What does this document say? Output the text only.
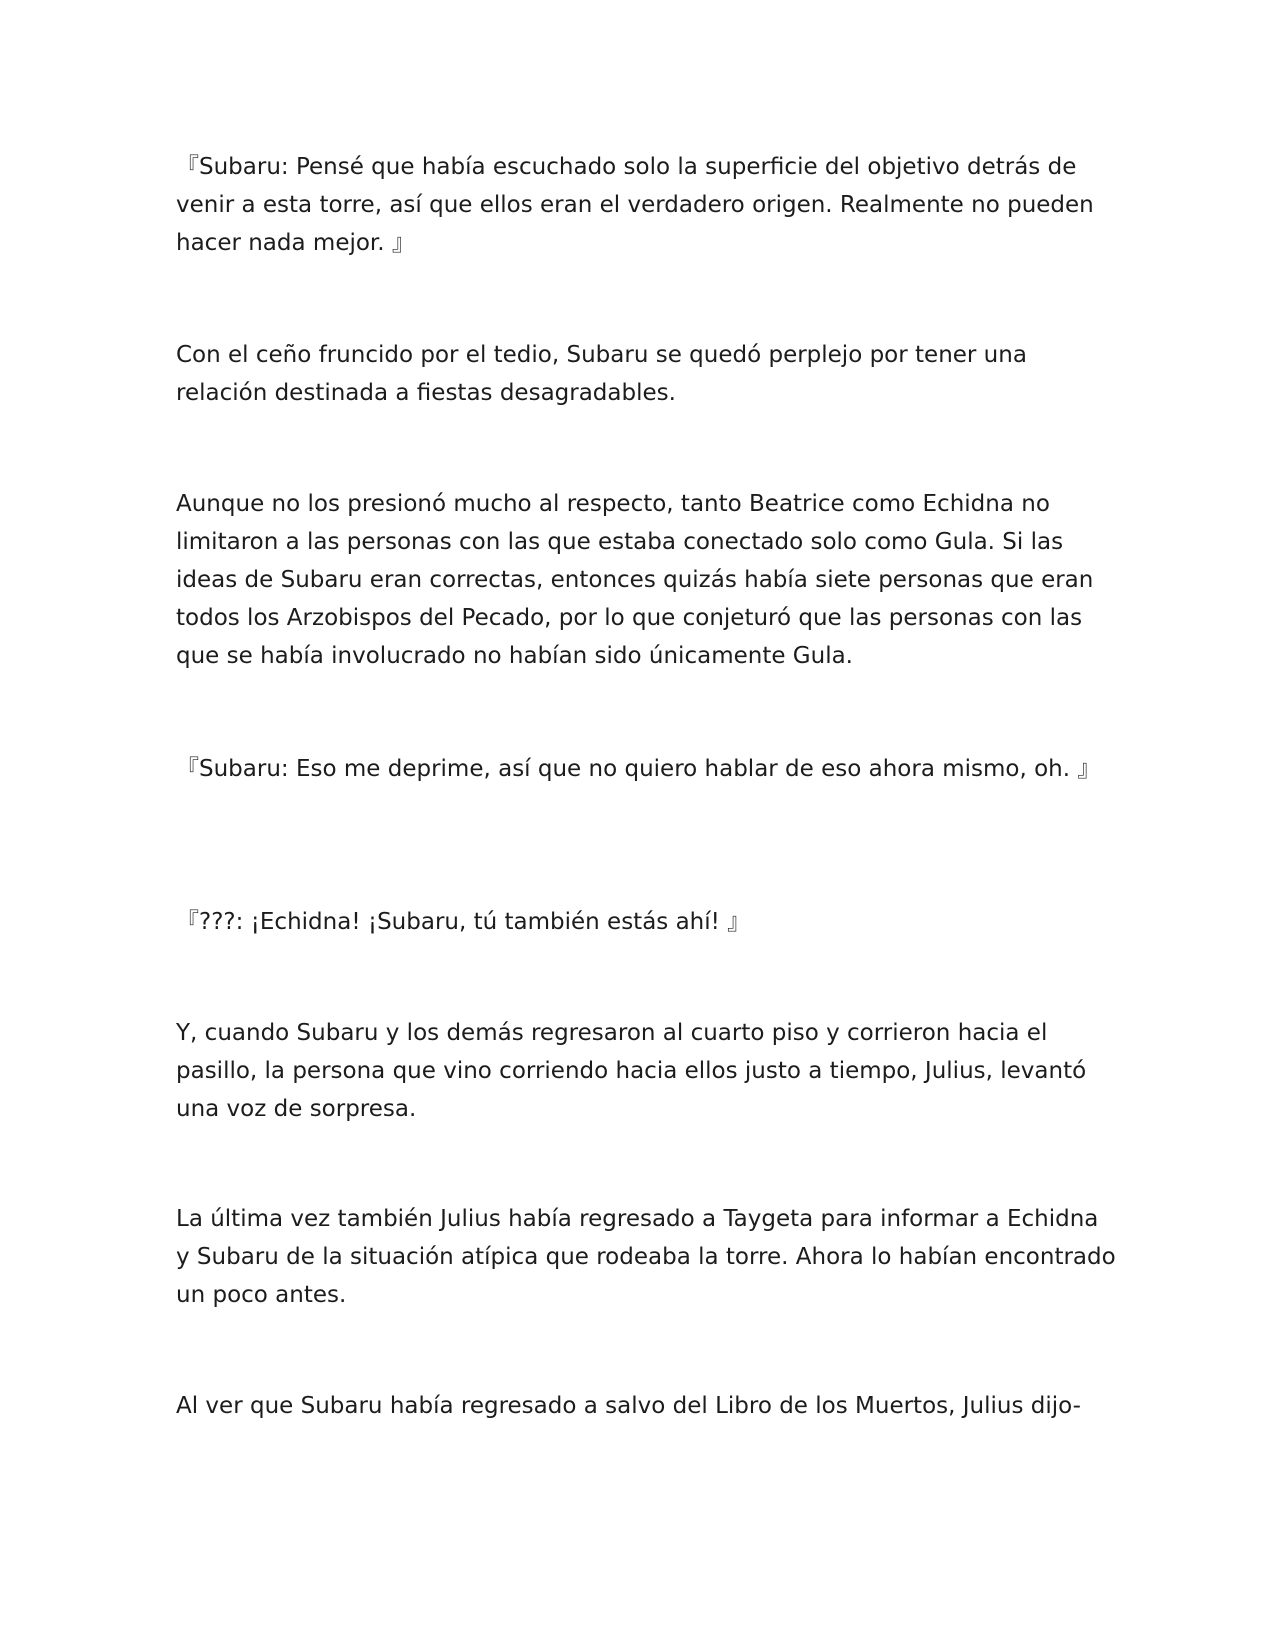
『Subaru: Pensé que había escuchado solo la superficie del objetivo detrás de venir a esta torre, así que ellos eran el verdadero origen. Realmente no pueden hacer nada mejor. 』

Con el ceño fruncido por el tedio, Subaru se quedó perplejo por tener una relación destinada a fiestas desagradables.

Aunque no los presionó mucho al respecto, tanto Beatrice como Echidna no limitaron a las personas con las que estaba conectado solo como Gula. Si las ideas de Subaru eran correctas, entonces quizás había siete personas que eran todos los Arzobispos del Pecado, por lo que conjeturó que las personas con las que se había involucrado no habían sido únicamente Gula.

『Subaru: Eso me deprime, así que no quiero hablar de eso ahora mismo, oh. 』

『???: ¡Echidna! ¡Subaru, tú también estás ahí! 』

Y, cuando Subaru y los demás regresaron al cuarto piso y corrieron hacia el pasillo, la persona que vino corriendo hacia ellos justo a tiempo, Julius, levantó una voz de sorpresa.

La última vez también Julius había regresado a Taygeta para informar a Echidna y Subaru de la situación atípica que rodeaba la torre. Ahora lo habían encontrado un poco antes.

Al ver que Subaru había regresado a salvo del Libro de los Muertos, Julius dijo-
